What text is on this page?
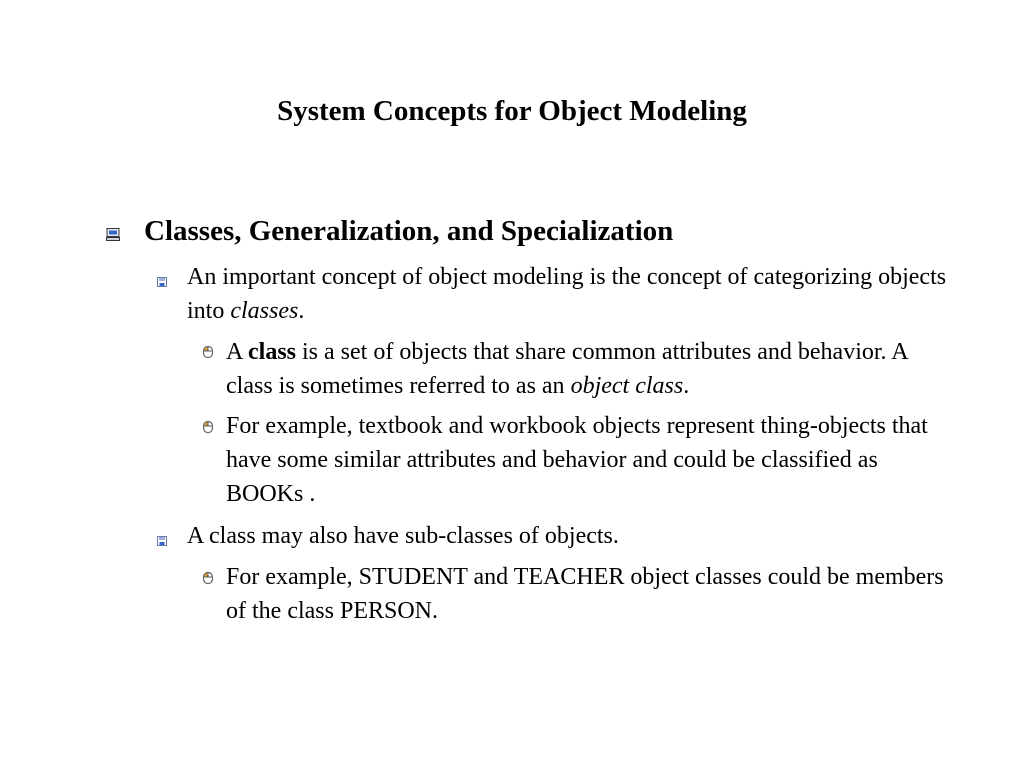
System Concepts for Object Modeling

Classes, Generalization, and Specialization

An important concept of object modeling is the concept of categorizing objects into classes.

A class is a set of objects that share common attributes and behavior. A class is sometimes referred to as an object class.

For example, textbook and workbook objects represent thing-objects that have some similar attributes and behavior and could be classified as BOOKs .

A class may also have sub-classes of objects.

For example, STUDENT and TEACHER object classes could be members of the class PERSON.
